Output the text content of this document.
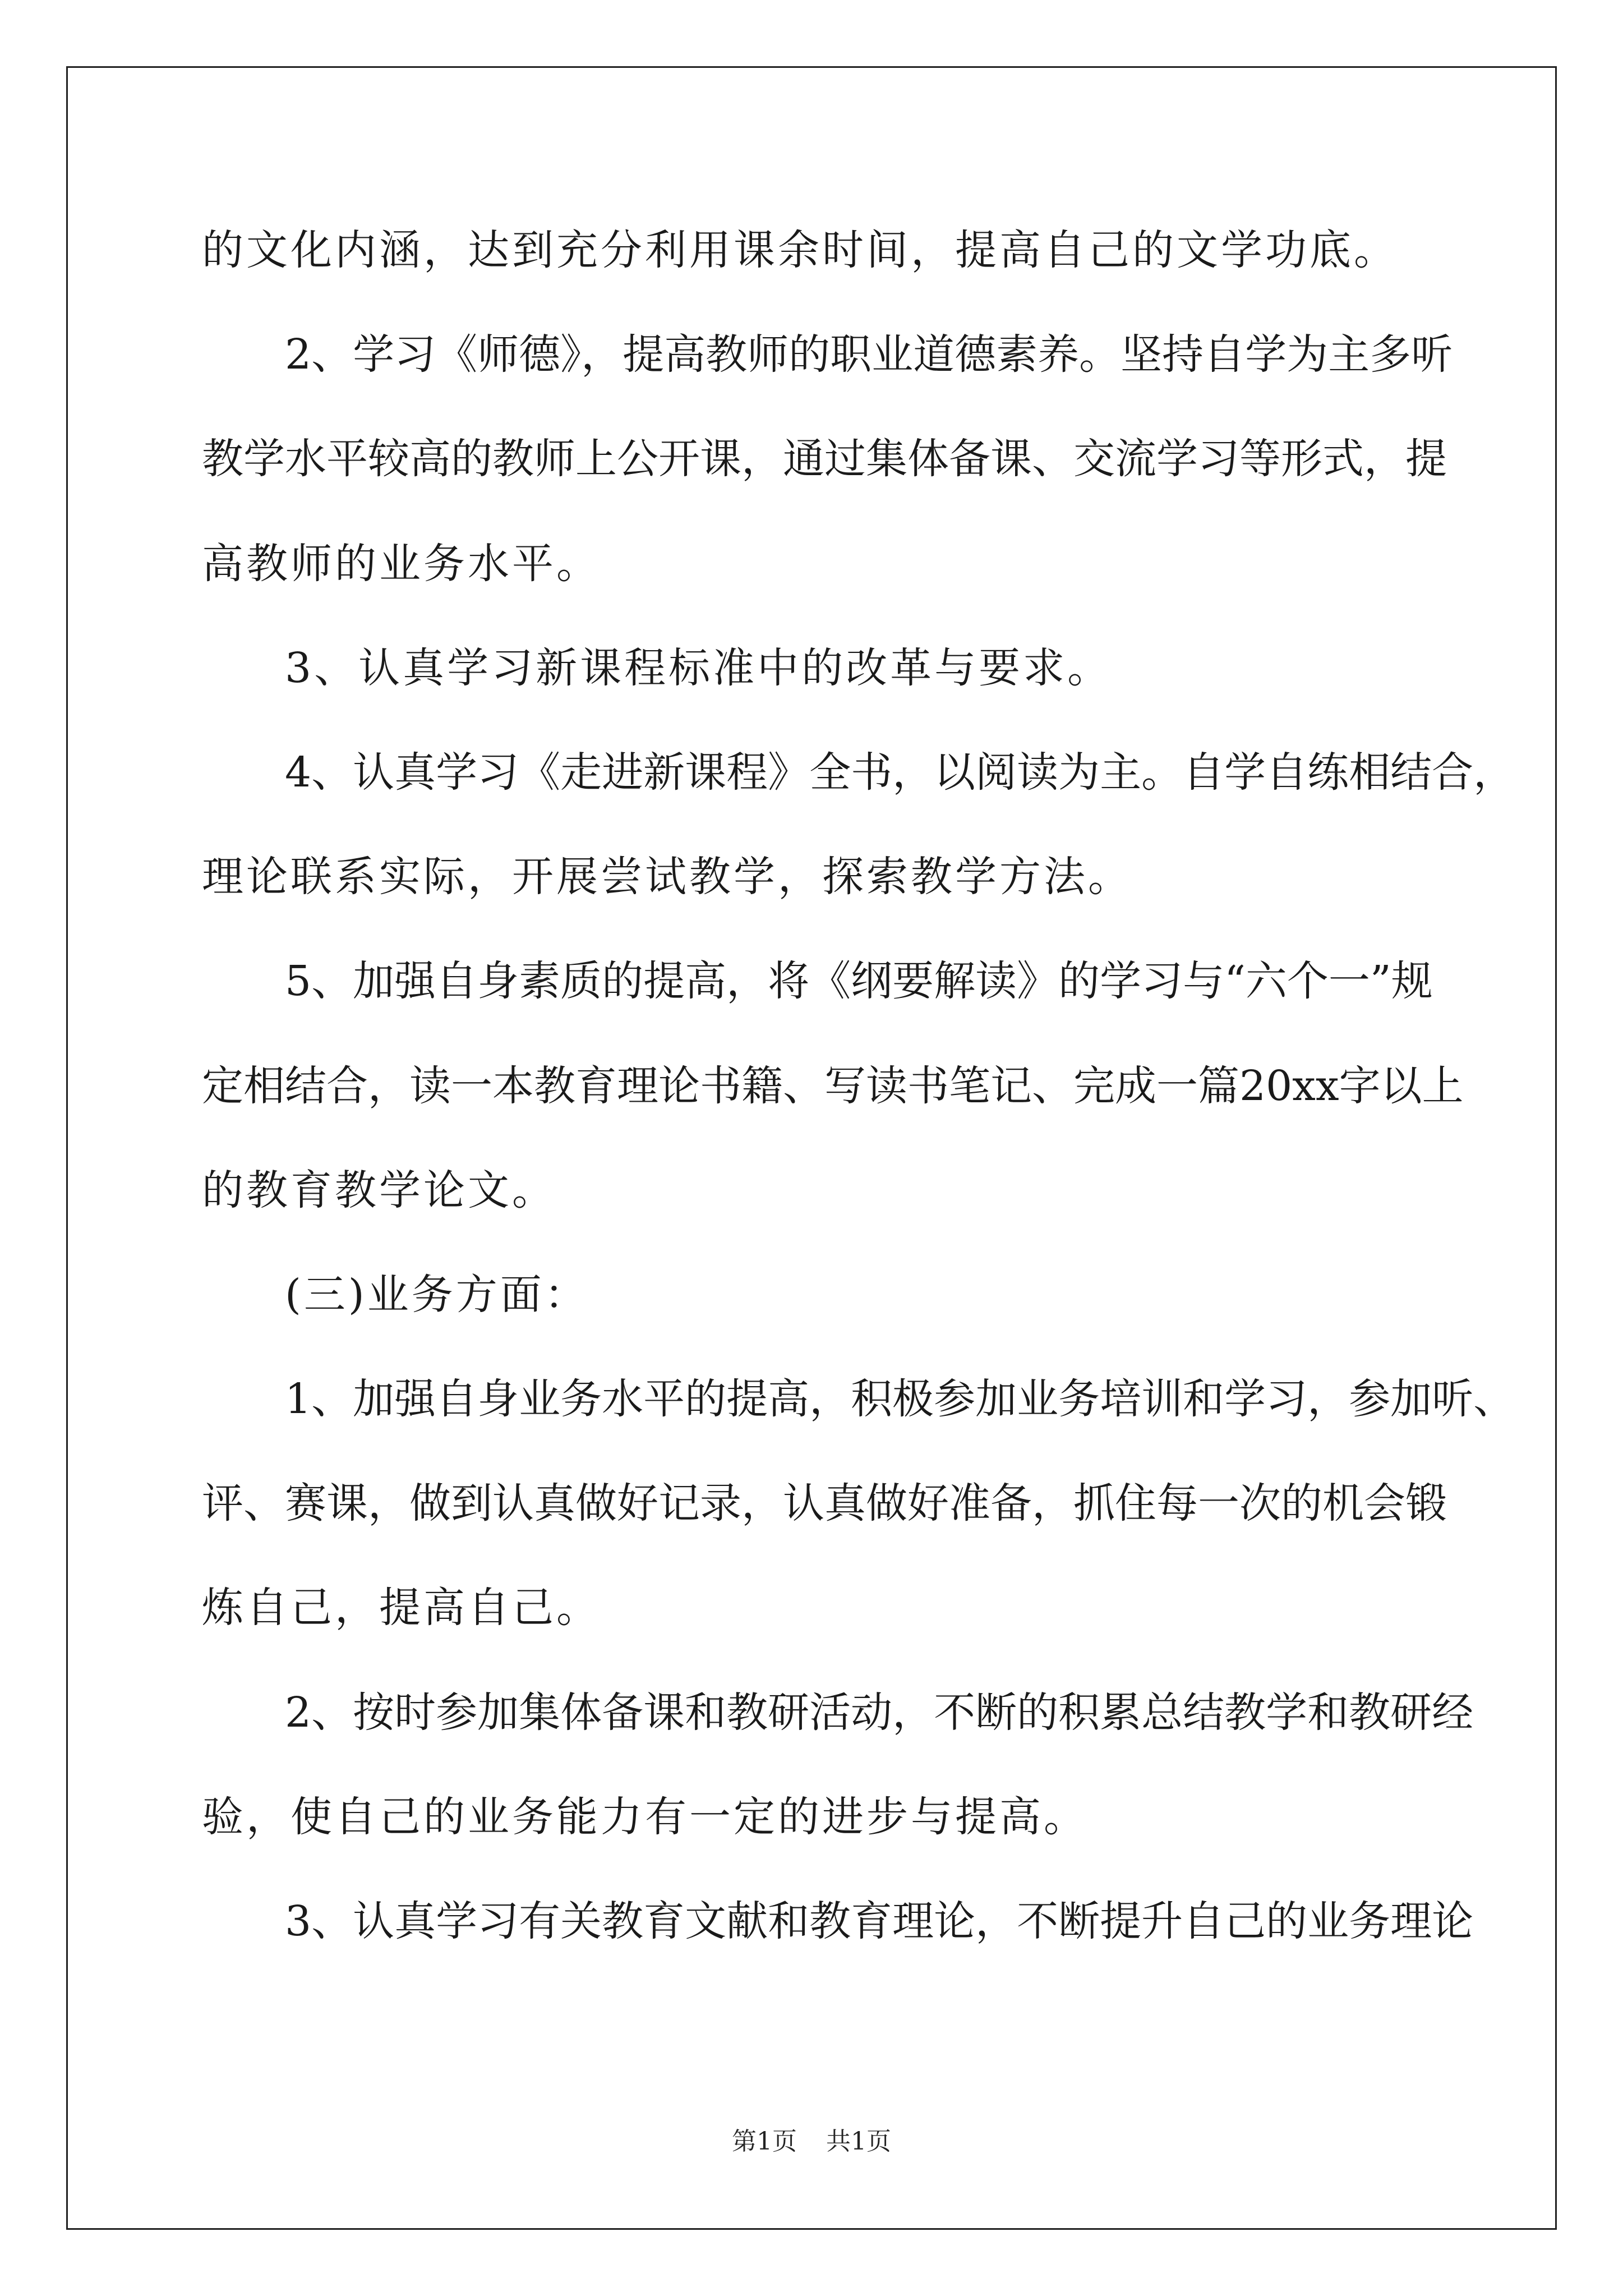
的文化内涵，达到充分利用课余时间，提高自己的文学功底。
2、学习《师德》，提高教师的职业道德素养。坚持自学为主多听
教学水平较高的教师上公开课，通过集体备课、交流学习等形式，提
高教师的业务水平。
3、认真学习新课程标准中的改革与要求。
4、认真学习《走进新课程》全书，以阅读为主。自学自练相结合，
理论联系实际，开展尝试教学，探索教学方法。
5、加强自身素质的提高，将《纲要解读》的学习与“六个一”规
定相结合，读一本教育理论书籍、写读书笔记、完成一篇20xx字以上
的教育教学论文。
(三)业务方面：
1、加强自身业务水平的提高，积极参加业务培训和学习，参加听、
评、赛课，做到认真做好记录，认真做好准备，抓住每一次的机会锻
炼自己，提高自己。
2、按时参加集体备课和教研活动，不断的积累总结教学和教研经
验，使自己的业务能力有一定的进步与提高。
3、认真学习有关教育文献和教育理论，不断提升自己的业务理论
第1页 共1页
